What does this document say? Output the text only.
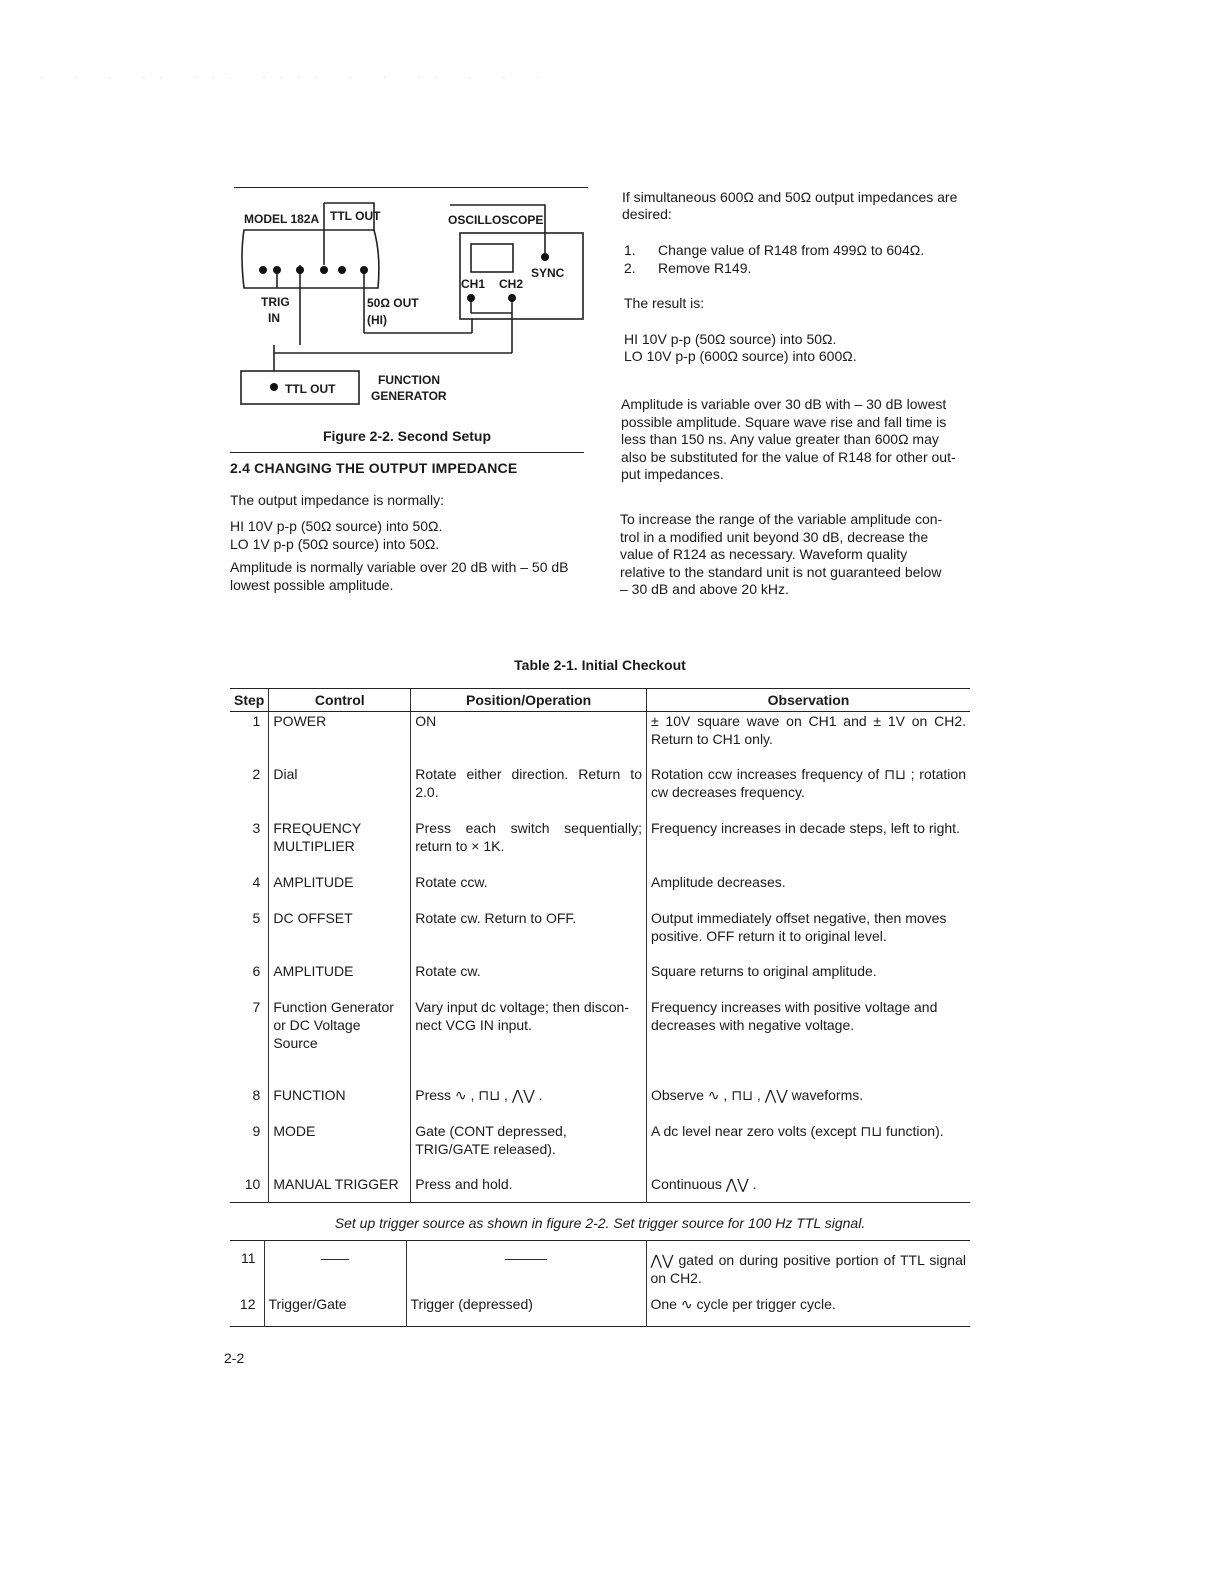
· · · ·· ··· ···· · · ·· · · ·
MODEL 182A TTL OUT	OSCILLOSCOPE
SYNC
CH1 CH2
TRIG
IN
50Ω OUT
(HI)
TTL OUT
FUNCTION
GENERATOR
Figure 2-2. Second Setup
2.4 CHANGING THE OUTPUT IMPEDANCE
The output impedance is normally:
HI 10V p-p (50Ω source) into 50Ω.
LO 1V p-p (50Ω source) into 50Ω.
Amplitude is normally variable over 20 dB with – 50 dB
lowest possible amplitude.
If simultaneous 600Ω and 50Ω output impedances are
desired:
1. Change value of R148 from 499Ω to 604Ω.
2. Remove R149.
The result is:
HI 10V p-p (50Ω source) into 50Ω.
LO 10V p-p (600Ω source) into 600Ω.
Amplitude is variable over 30 dB with – 30 dB lowest
possible amplitude. Square wave rise and fall time is
less than 150 ns. Any value greater than 600Ω may
also be substituted for the value of R148 for other out-
put impedances.
To increase the range of the variable amplitude con-
trol in a modified unit beyond 30 dB, decrease the
value of R124 as necessary. Waveform quality
relative to the standard unit is not guaranteed below
– 30 dB and above 20 kHz.
Table 2-1. Initial Checkout
Step	Control	Position/Operation	Observation
1	POWER	ON	± 10V square wave on CH1 and ± 1V on CH2. Return to CH1 only.
2	Dial	Rotate either direction. Return to 2.0.	Rotation ccw increases frequency of ⊓⊔ ; rotation cw decreases frequency.
3	FREQUENCY MULTIPLIER	Press each switch sequentially; return to × 1K.	Frequency increases in decade steps, left to right.
4	AMPLITUDE	Rotate ccw.	Amplitude decreases.
5	DC OFFSET	Rotate cw. Return to OFF.	Output immediately offset negative, then moves positive. OFF return it to original level.
6	AMPLITUDE	Rotate cw.	Square returns to original amplitude.
7	Function Generator or DC Voltage Source	Vary input dc voltage; then discon- nect VCG IN input.	Frequency increases with positive voltage and decreases with negative voltage.
8	FUNCTION	Press ∿ , ⊓⊔ , ⋀⋁ .	Observe ∿ , ⊓⊔ , ⋀⋁ waveforms.
9	MODE	Gate (CONT depressed, TRIG/GATE released).	A dc level near zero volts (except ⊓⊔ function).
10	MANUAL TRIGGER	Press and hold.	Continuous ⋀⋁ .
Set up trigger source as shown in figure 2-2. Set trigger source for 100 Hz TTL signal.
11	——	———	⋀⋁ gated on during positive portion of TTL signal on CH2.
12	Trigger/Gate	Trigger (depressed)	One ∿ cycle per trigger cycle.
2-2
